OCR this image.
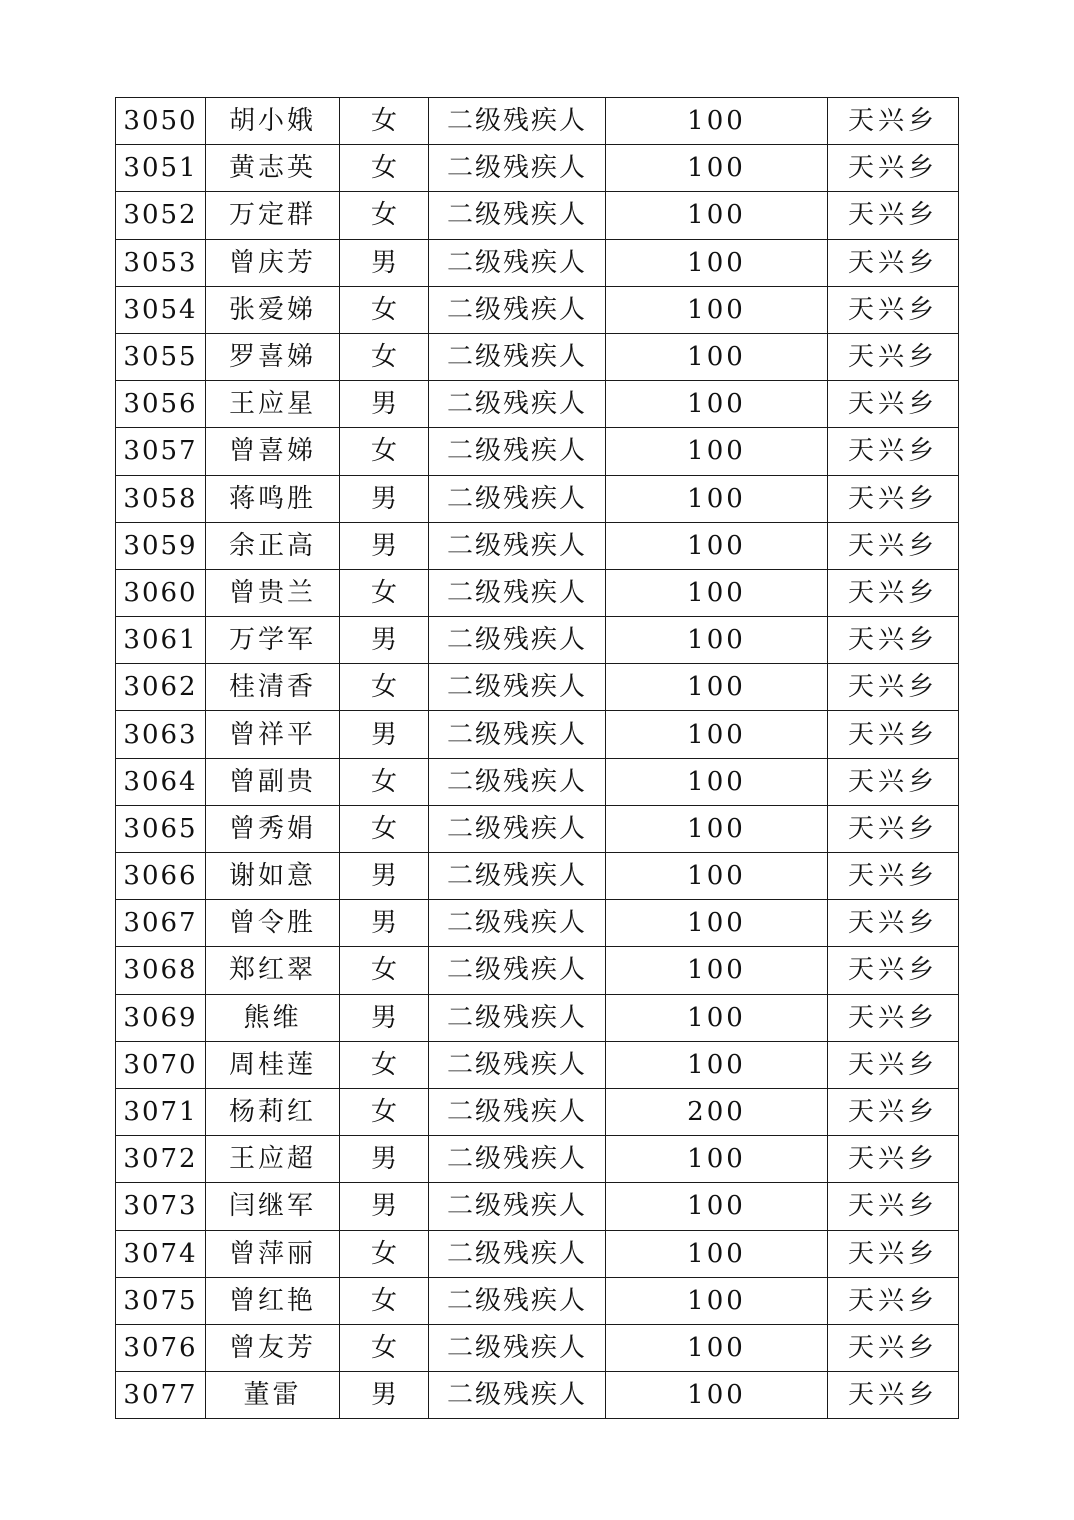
3050	胡小娥	女	二级残疾人	100	天兴乡
3051	黄志英	女	二级残疾人	100	天兴乡
3052	万定群	女	二级残疾人	100	天兴乡
3053	曾庆芳	男	二级残疾人	100	天兴乡
3054	张爱娣	女	二级残疾人	100	天兴乡
3055	罗喜娣	女	二级残疾人	100	天兴乡
3056	王应星	男	二级残疾人	100	天兴乡
3057	曾喜娣	女	二级残疾人	100	天兴乡
3058	蒋鸣胜	男	二级残疾人	100	天兴乡
3059	余正高	男	二级残疾人	100	天兴乡
3060	曾贵兰	女	二级残疾人	100	天兴乡
3061	万学军	男	二级残疾人	100	天兴乡
3062	桂清香	女	二级残疾人	100	天兴乡
3063	曾祥平	男	二级残疾人	100	天兴乡
3064	曾副贵	女	二级残疾人	100	天兴乡
3065	曾秀娟	女	二级残疾人	100	天兴乡
3066	谢如意	男	二级残疾人	100	天兴乡
3067	曾令胜	男	二级残疾人	100	天兴乡
3068	郑红翠	女	二级残疾人	100	天兴乡
3069	熊维	男	二级残疾人	100	天兴乡
3070	周桂莲	女	二级残疾人	100	天兴乡
3071	杨莉红	女	二级残疾人	200	天兴乡
3072	王应超	男	二级残疾人	100	天兴乡
3073	闫继军	男	二级残疾人	100	天兴乡
3074	曾萍丽	女	二级残疾人	100	天兴乡
3075	曾红艳	女	二级残疾人	100	天兴乡
3076	曾友芳	女	二级残疾人	100	天兴乡
3077	董雷	男	二级残疾人	100	天兴乡
